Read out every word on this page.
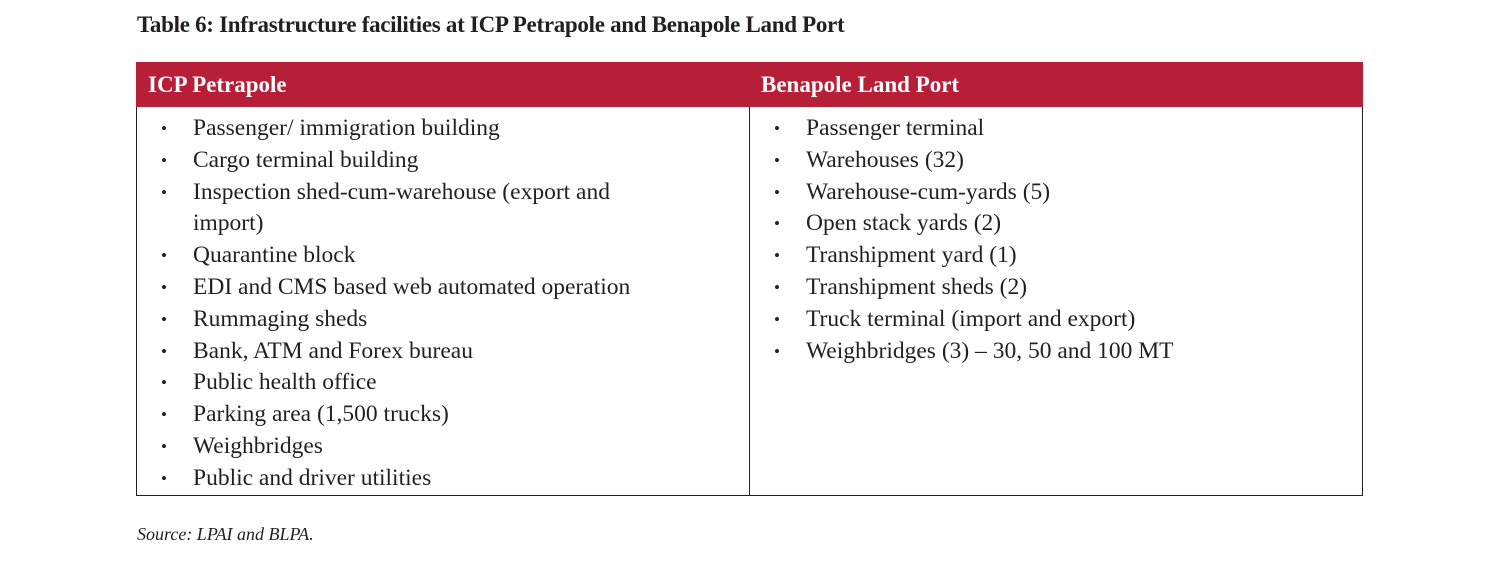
Table 6: Infrastructure facilities at ICP Petrapole and Benapole Land Port
ICP Petrapole	Benapole Land Port

• Passenger/ immigration building
• Cargo terminal building
• Inspection shed-cum-warehouse (export and import)
• Quarantine block
• EDI and CMS based web automated operation
• Rummaging sheds
• Bank, ATM and Forex bureau
• Public health office
• Parking area (1,500 trucks)
• Weighbridges
• Public and driver utilities

• Passenger terminal
• Warehouses (32)
• Warehouse-cum-yards (5)
• Open stack yards (2)
• Transhipment yard (1)
• Transhipment sheds (2)
• Truck terminal (import and export)
• Weighbridges (3) – 30, 50 and 100 MT
Source: LPAI and BLPA.
